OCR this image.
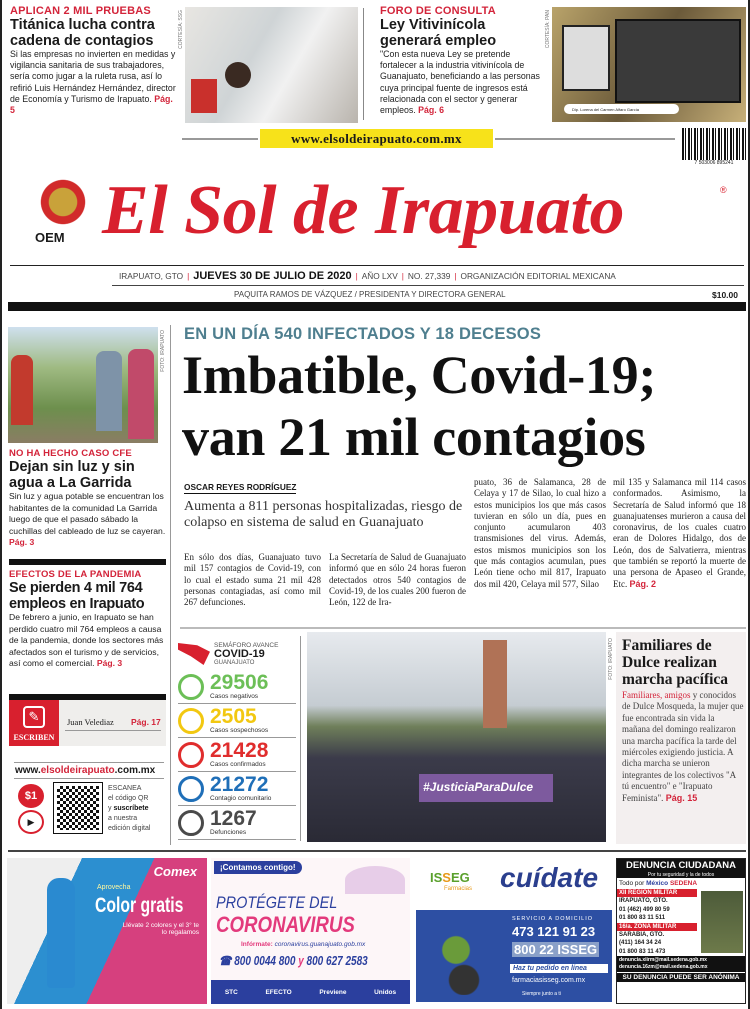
APLICAN 2 MIL PRUEBAS
Titánica lucha contra cadena de contagios
Si las empresas no invierten en medidas y vigilancia sanitaria de sus trabajadores, sería como jugar a la ruleta rusa, así lo refirió Luis Hernández Hernández, director de Economía y Turismo de Irapuato. Pág. 5
CORTESÍA: SSG	FORO DE CONSULTA
Ley Vitivinícola generará empleo
"Con esta nueva Ley se pretende fortalecer a la industria vitivinícola de Guanajuato, beneficiando a las personas cuya principal fuente de ingresos está relacionada con el sector y generar empleos. Pág. 6
CORTESÍA: PAN
Dip. Lorena del Carmen Alfaro García
www.elsoldeirapuato.com.mx
7 503006 895241
OEM El Sol de Irapuato	®
IRAPUATO, GTO | JUEVES 30 DE JULIO DE 2020 | AÑO LXV | NO. 27,339 | ORGANIZACIÓN EDITORIAL MEXICANA
PAQUITA RAMOS DE VÁZQUEZ / PRESIDENTA Y DIRECTORA GENERAL	$10.00
FOTO: IRAPUATO
NO HA HECHO CASO CFE
Dejan sin luz y sin agua a La Garrida
Sin luz y agua potable se encuentran los habitantes de la comunidad La Garrida luego de que el pasado sábado la cuchillas del cableado de luz se cayeran. Pág. 3
EFECTOS DE LA PANDEMIA
Se pierden 4 mil 764 empleos en Irapuato
De febrero a junio, en Irapuato se han perdido cuatro mil 764 empleos a causa de la pandemia, donde los sectores más afectados son el turismo y de servicios, así como el comercial. Pág. 3
ESCRIBEN
✎	Juan Velediaz Pág. 17
www.elsoldeirapuato.com.mx
$1
▶
ESCANEA
el código QR
y suscríbete
a nuestra
edición digital
EN UN DÍA 540 INFECTADOS Y 18 DECESOS
Imbatible, Covid-19;
van 21 mil contagios
OSCAR REYES RODRÍGUEZ
Aumenta a 811 personas hospitalizadas, riesgo de colapso en sistema de salud en Guanajuato
En sólo dos días, Guanajuato tuvo mil 157 contagios de Covid-19, con lo cual el estado suma 21 mil 428 personas contagiadas, así como mil 267 defunciones.
La Secretaría de Salud de Guanajuato informó que en sólo 24 horas fueron detectados otros 540 contagios de Covid-19, de los cuales 200 fueron de León, 122 de Ira-
puato, 36 de Salamanca, 28 de Celaya y 17 de Silao, lo cual hizo a estos municipios los que más casos tuvieran en sólo un día, pues en conjunto acumularon 403 transmisiones del virus. Además, estos mismos municipios son los que más contagios acumulan, pues León tiene ocho mil 817, Irapuato dos mil 420, Celaya mil 577, Silao
mil 135 y Salamanca mil 114 casos conformados. Asimismo, la Secretaría de Salud informó que 18 guanajuatenses murieron a causa del coronavirus, de los cuales cuatro eran de Dolores Hidalgo, dos de León, dos de Salvatierra, mientras que también se reportó la muerte de una persona de Apaseo el Grande, Etc. Pág. 2
SEMÁFORO AVANCE
COVID-19
GUANAJUATO
29506
Casos negativos
2505
Casos sospechosos
21428
Casos confirmados
21272
Contagio comunitario
1267
Defunciones
#JusticiaParaDulce
FOTO: IRAPUATO Familiares de Dulce realizan marcha pacífica
Familiares, amigos y conocidos de Dulce Mosqueda, la mujer que fue encontrada sin vida la mañana del domingo realizaron una marcha pacífica la tarde del miércoles exigiendo justicia. A dicha marcha se unieron integrantes de los colectivos "A tú encuentro" e "Irapuato Feminista". Pág. 15
Comex
Aprovecha
Color gratis
Llévate 2 colores y el 3° te lo regalamos
¡Contamos contigo!
PROTÉGETE DEL
CORONAVIRUS
Infórmate: coronavirus.guanajuato.gob.mx
☎ 800 0044 800 y 800 627 2583
STC	EFECTO	Previene	Unidos
ISSEG
Farmacias cuídate
SERVICIO A DOMICILIO
473 121 91 23
800 22 ISSEG
Haz tu pedido en línea
farmaciasisseg.com.mx
Siempre junto a ti
DENUNCIA CIUDADANA
Por tu seguridad y la de todos
Todo por México SEDENA
XII REGIÓN MILITAR
IRAPUATO, GTO.
01 (462) 499 80 59
01 800 83 11 511
16/a. ZONA MILITAR
SARABIA, GTO.
(411) 164 34 24
01 800 83 11 473
denuncia.xiirm@mail.sedena.gob.mx
denuncia.16zm@mail.sedena.gob.mx
SU DENUNCIA PUEDE SER ANÓNIMA
